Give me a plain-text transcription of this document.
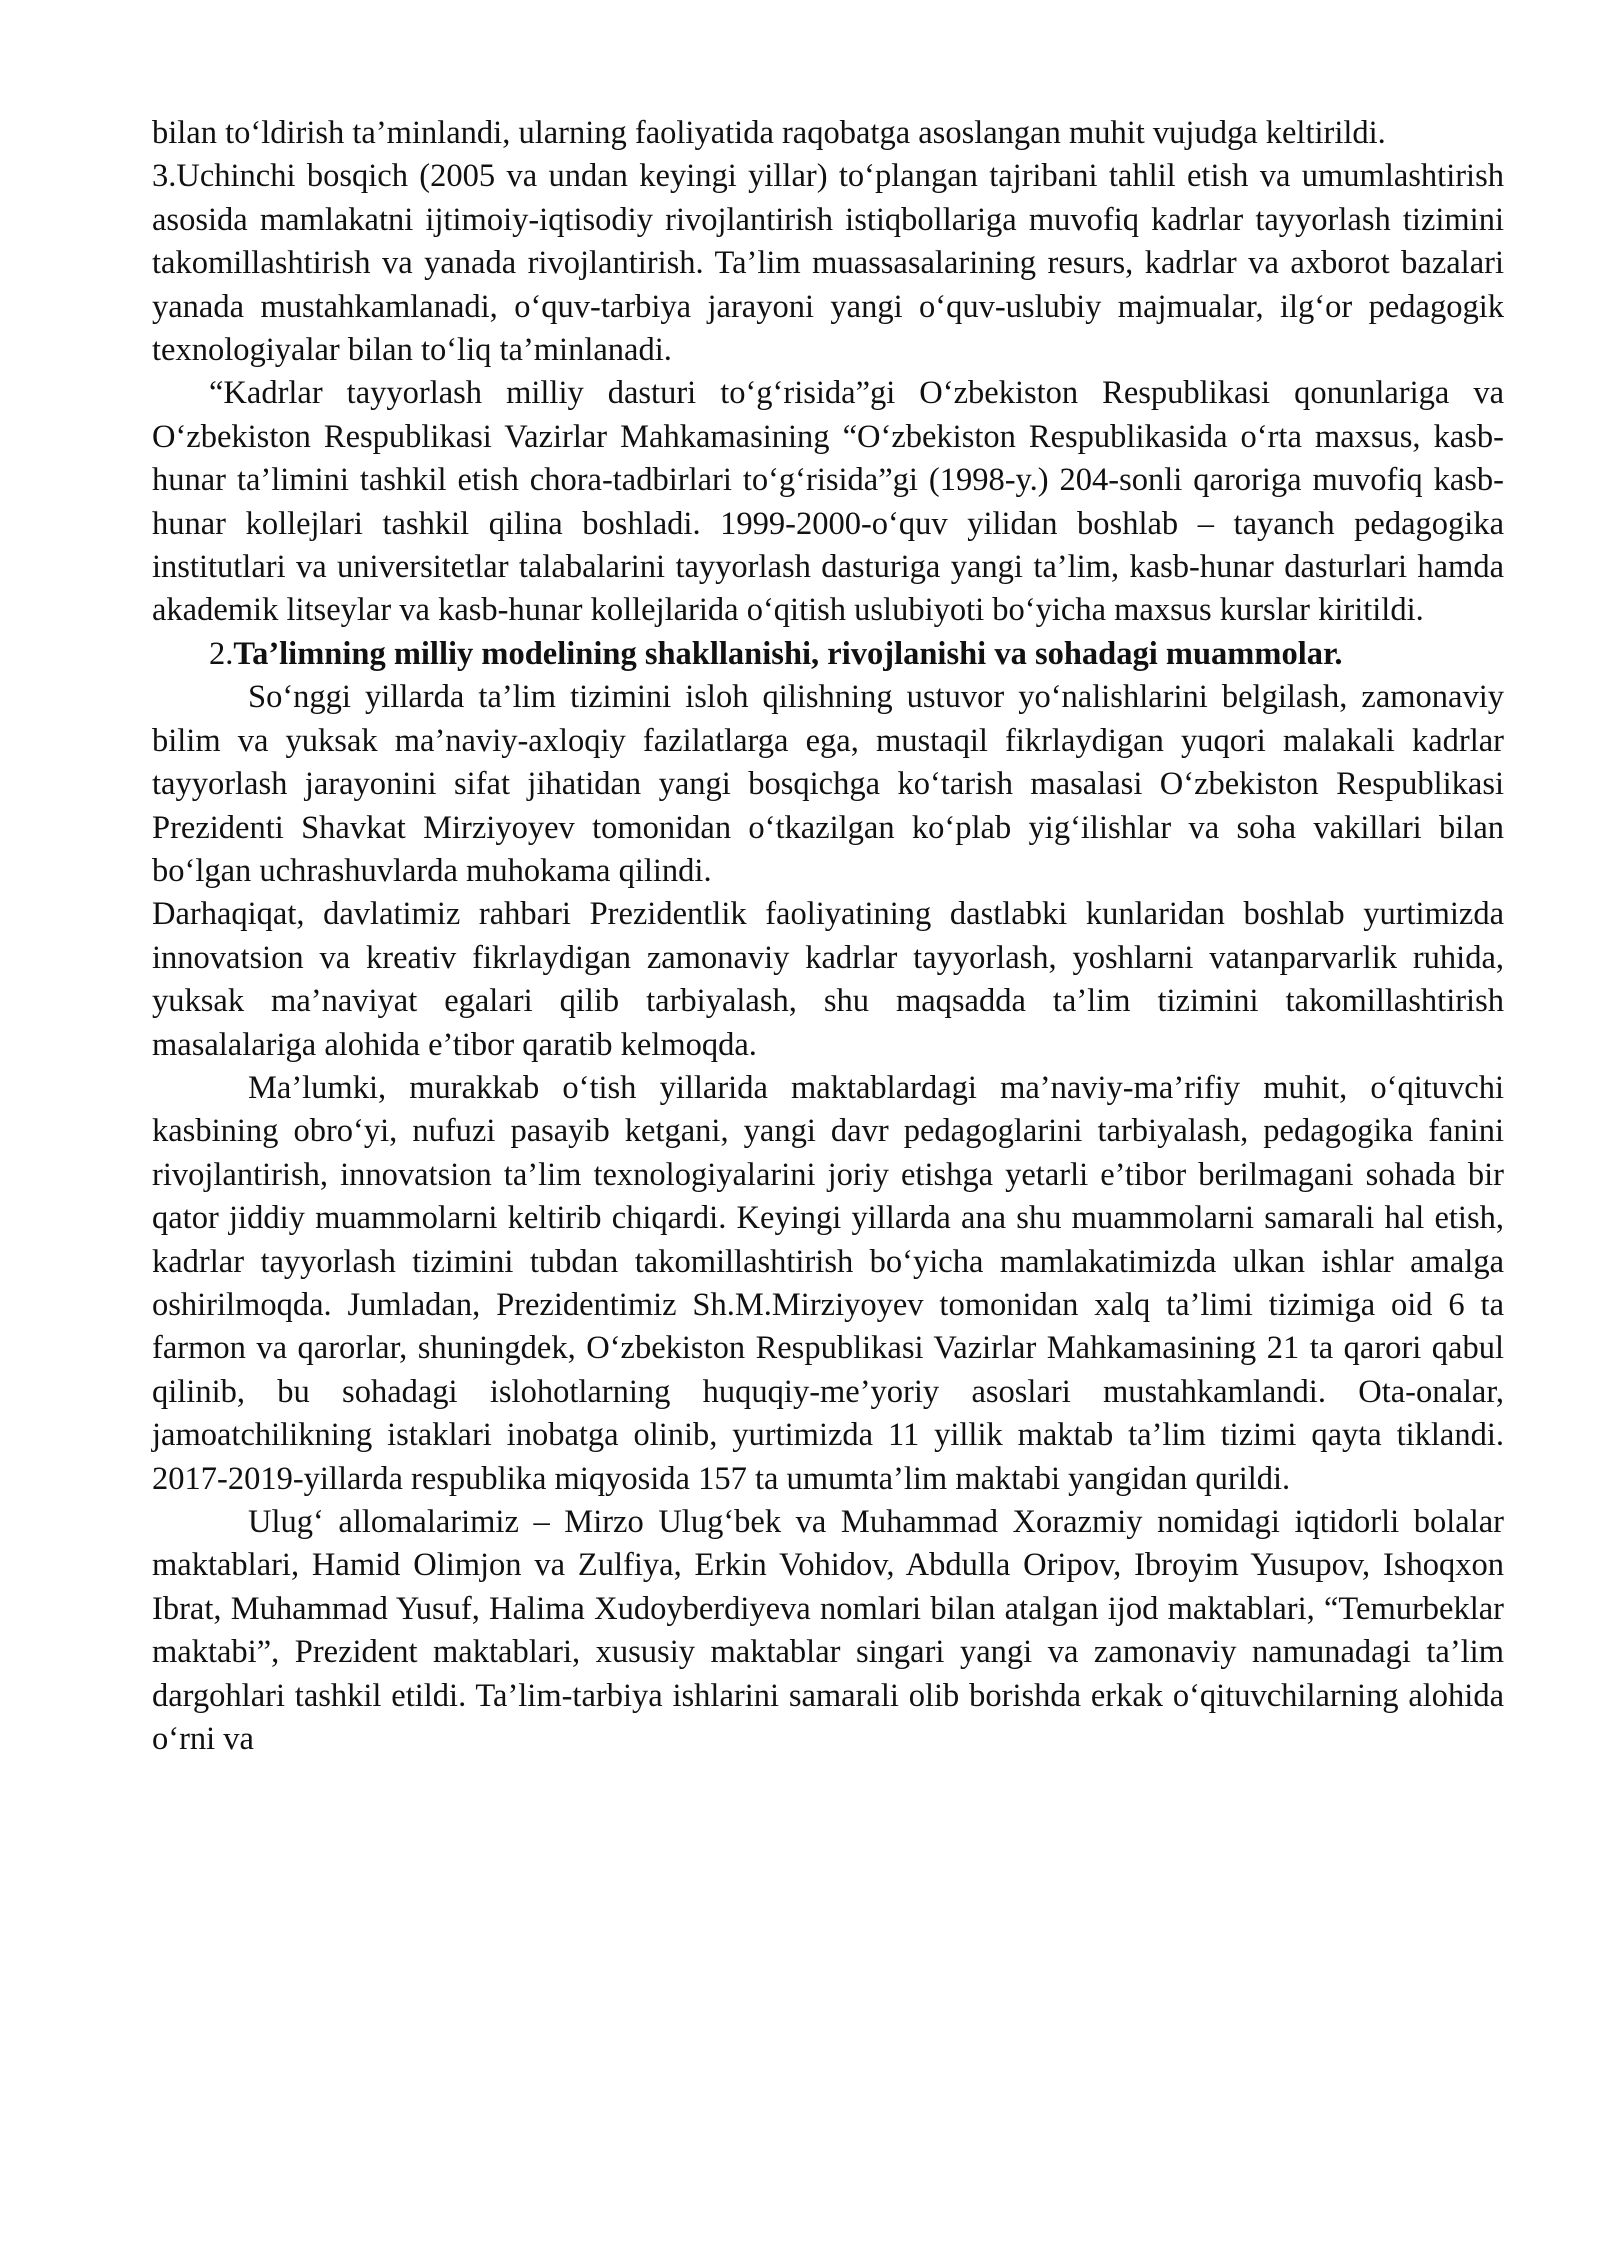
bilan to‘ldirish ta’minlandi, ularning faoliyatida raqobatga asoslangan muhit vujudga keltirildi.

3.Uchinchi bosqich (2005 va undan keyingi yillar) to‘plangan tajribani tahlil etish va umumlashtirish asosida mamlakatni ijtimoiy-iqtisodiy rivojlantirish istiqbollariga muvofiq kadrlar tayyorlash tizimini takomillashtirish va yanada rivojlantirish. Ta’lim muassasalarining resurs, kadrlar va axborot bazalari yanada mustahkamlanadi, o‘quv-tarbiya jarayoni yangi o‘quv-uslubiy majmualar, ilg‘or pedagogik texnologiyalar bilan to‘liq ta’minlanadi.

“Kadrlar tayyorlash milliy dasturi to‘g‘risida”gi O‘zbekiston Respublikasi qonunlariga va O‘zbekiston Respublikasi Vazirlar Mahkamasining “O‘zbekiston Respublikasida o‘rta maxsus, kasb-hunar ta’limini tashkil etish chora-tadbirlari to‘g‘risida”gi (1998-y.) 204-sonli qaroriga muvofiq kasb-hunar kollejlari tashkil qilina boshladi. 1999-2000-o‘quv yilidan boshlab – tayanch pedagogika institutlari va universitetlar talabalarini tayyorlash dasturiga yangi ta’lim, kasb-hunar dasturlari hamda akademik litseylar va kasb-hunar kollejlarida o‘qitish uslubiyoti bo‘yicha maxsus kurslar kiritildi.

2.Ta’limning milliy modelining shakllanishi, rivojlanishi va sohadagi muammolar.

So‘nggi yillarda ta’lim tizimini isloh qilishning ustuvor yo‘nalishlarini belgilash, zamonaviy bilim va yuksak ma’naviy-axloqiy fazilatlarga ega, mustaqil fikrlaydigan yuqori malakali kadrlar tayyorlash jarayonini sifat jihatidan yangi bosqichga ko‘tarish masalasi O‘zbekiston Respublikasi Prezidenti Shavkat Mirziyoyev tomonidan o‘tkazilgan ko‘plab yig‘ilishlar va soha vakillari bilan bo‘lgan uchrashuvlarda muhokama qilindi.

Darhaqiqat, davlatimiz rahbari Prezidentlik faoliyatining dastlabki kunlaridan boshlab yurtimizda innovatsion va kreativ fikrlaydigan zamonaviy kadrlar tayyorlash, yoshlarni vatanparvarlik ruhida, yuksak ma’naviyat egalari qilib tarbiyalash, shu maqsadda ta’lim tizimini takomillashtirish masalalariga alohida e’tibor qaratib kelmoqda.

Ma’lumki, murakkab o‘tish yillarida maktablardagi ma’naviy-ma’rifiy muhit, o‘qituvchi kasbining obro‘yi, nufuzi pasayib ketgani, yangi davr pedagoglarini tarbiyalash, pedagogika fanini rivojlantirish, innovatsion ta’lim texnologiyalarini joriy etishga yetarli e’tibor berilmagani sohada bir qator jiddiy muammolarni keltirib chiqardi. Keyingi yillarda ana shu muammolarni samarali hal etish, kadrlar tayyorlash tizimini tubdan takomillashtirish bo‘yicha mamlakatimizda ulkan ishlar amalga oshirilmoqda. Jumladan, Prezidentimiz Sh.M.Mirziyoyev tomonidan xalq ta’limi tizimiga oid 6 ta farmon va qarorlar, shuningdek, O‘zbekiston Respublikasi Vazirlar Mahkamasining 21 ta qarori qabul qilinib, bu sohadagi islohotlarning huquqiy-me’yoriy asoslari mustahkamlandi. Ota-onalar, jamoatchilikning istaklari inobatga olinib, yurtimizda 11 yillik maktab ta’lim tizimi qayta tiklandi. 2017-2019-yillarda respublika miqyosida 157 ta umumta’lim maktabi yangidan qurildi.

Ulug‘ allomalarimiz – Mirzo Ulug‘bek va Muhammad Xorazmiy nomidagi iqtidorli bolalar maktablari, Hamid Olimjon va Zulfiya, Erkin Vohidov, Abdulla Oripov, Ibroyim Yusupov, Ishoqxon Ibrat, Muhammad Yusuf, Halima Xudoyberdiyeva nomlari bilan atalgan ijod maktablari, “Temurbeklar maktabi”, Prezident maktablari, xususiy maktablar singari yangi va zamonaviy namunadagi ta’lim dargohlari tashkil etildi. Ta’lim-tarbiya ishlarini samarali olib borishda erkak o‘qituvchilarning alohida o‘rni va
